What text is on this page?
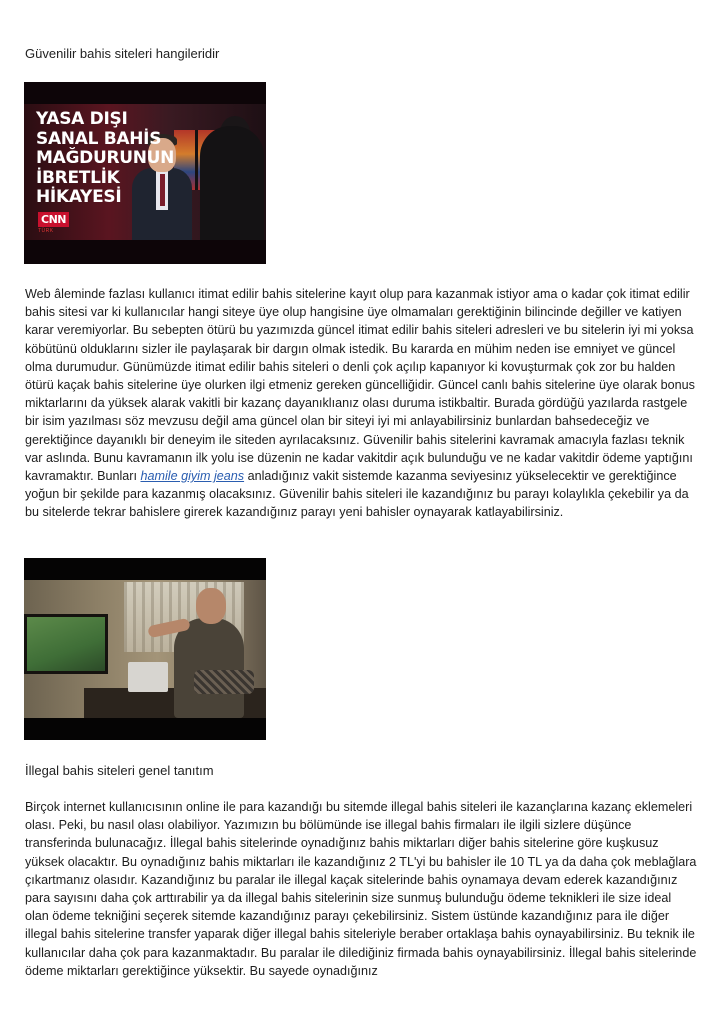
Güvenilir bahis siteleri hangileridir
YASA DIŞI
SANAL BAHİS
MAĞDURUNUN
İBRETLİK
HİKAYESİ
CNN
TÜRK

Web âleminde fazlası kullanıcı itimat edilir bahis sitelerine kayıt olup para kazanmak istiyor ama o kadar çok itimat edilir bahis sitesi var ki kullanıcılar hangi siteye üye olup hangisine üye olmamaları gerektiğinin bilincinde değiller ve katiyen karar veremiyorlar. Bu sebepten ötürü bu yazımızda güncel itimat edilir bahis siteleri adresleri ve bu sitelerin iyi mi yoksa köbütünü olduklarını sizler ile paylaşarak bir dargın olmak istedik. Bu kararda en mühim neden ise emniyet ve güncel olma durumudur. Günümüzde itimat edilir bahis siteleri o denli çok açılıp kapanıyor ki kovuşturmak çok zor bu halden ötürü kaçak bahis sitelerine üye olurken ilgi etmeniz gereken güncelliğidir. Güncel canlı bahis sitelerine üye olarak bonus miktarlarını da yüksek alarak vakitli bir kazanç dayanıklıanız olası duruma istikbaltir. Burada gördüğü yazılarda rastgele bir isim yazılması söz mevzusu değil ama güncel olan bir siteyi iyi mi anlayabilirsiniz bunlardan bahsedeceğiz ve gerektiğince dayanıklı bir deneyim ile siteden ayrılacaksınız. Güvenilir bahis sitelerini kavramak amacıyla fazlası teknik var aslında. Bunu kavramanın ilk yolu ise düzenin ne kadar vakitdir açık bulunduğu ve ne kadar vakitdir ödeme yaptığını kavramaktır. Bunları hamile giyim jeans anladığınız vakit sistemde kazanma seviyesinız yükselecektir ve gerektiğince yoğun bir şekilde para kazanmış olacaksınız. Güvenilir bahis siteleri ile kazandığınız bu parayı kolaylıkla çekebilir ya da bu sitelerde tekrar bahislere girerek kazandığınız parayı yeni bahisler oynayarak katlayabilirsiniz.

İllegal bahis siteleri genel tanıtım

Birçok internet kullanıcısının online ile para kazandığı bu sitemde illegal bahis siteleri ile kazançlarına kazanç eklemeleri olası. Peki, bu nasıl olası olabiliyor. Yazımızın bu bölümünde ise illegal bahis firmaları ile ilgili sizlere düşünce transferinda bulunacağız. İllegal bahis sitelerinde oynadığınız bahis miktarları diğer bahis sitelerine göre kuşkusuz yüksek olacaktır. Bu oynadığınız bahis miktarları ile kazandığınız 2 TL'yi bu bahisler ile 10 TL ya da daha çok meblağlara çıkartmanız olasıdır. Kazandığınız bu paralar ile illegal kaçak sitelerinde bahis oynamaya devam ederek kazandığınız para sayısını daha çok arttırabilir ya da illegal bahis sitelerinin size sunmuş bulunduğu ödeme teknikleri ile size ideal olan ödeme tekniğini seçerek sitemde kazandığınız parayı çekebilirsiniz. Sistem üstünde kazandığınız para ile diğer illegal bahis sitelerine transfer yaparak diğer illegal bahis siteleriyle beraber ortaklaşa bahis oynayabilirsiniz. Bu teknik ile kullanıcılar daha çok para kazanmaktadır. Bu paralar ile dilediğiniz firmada bahis oynayabilirsiniz. İllegal bahis sitelerinde ödeme miktarları gerektiğince yüksektir. Bu sayede oynadığınız
